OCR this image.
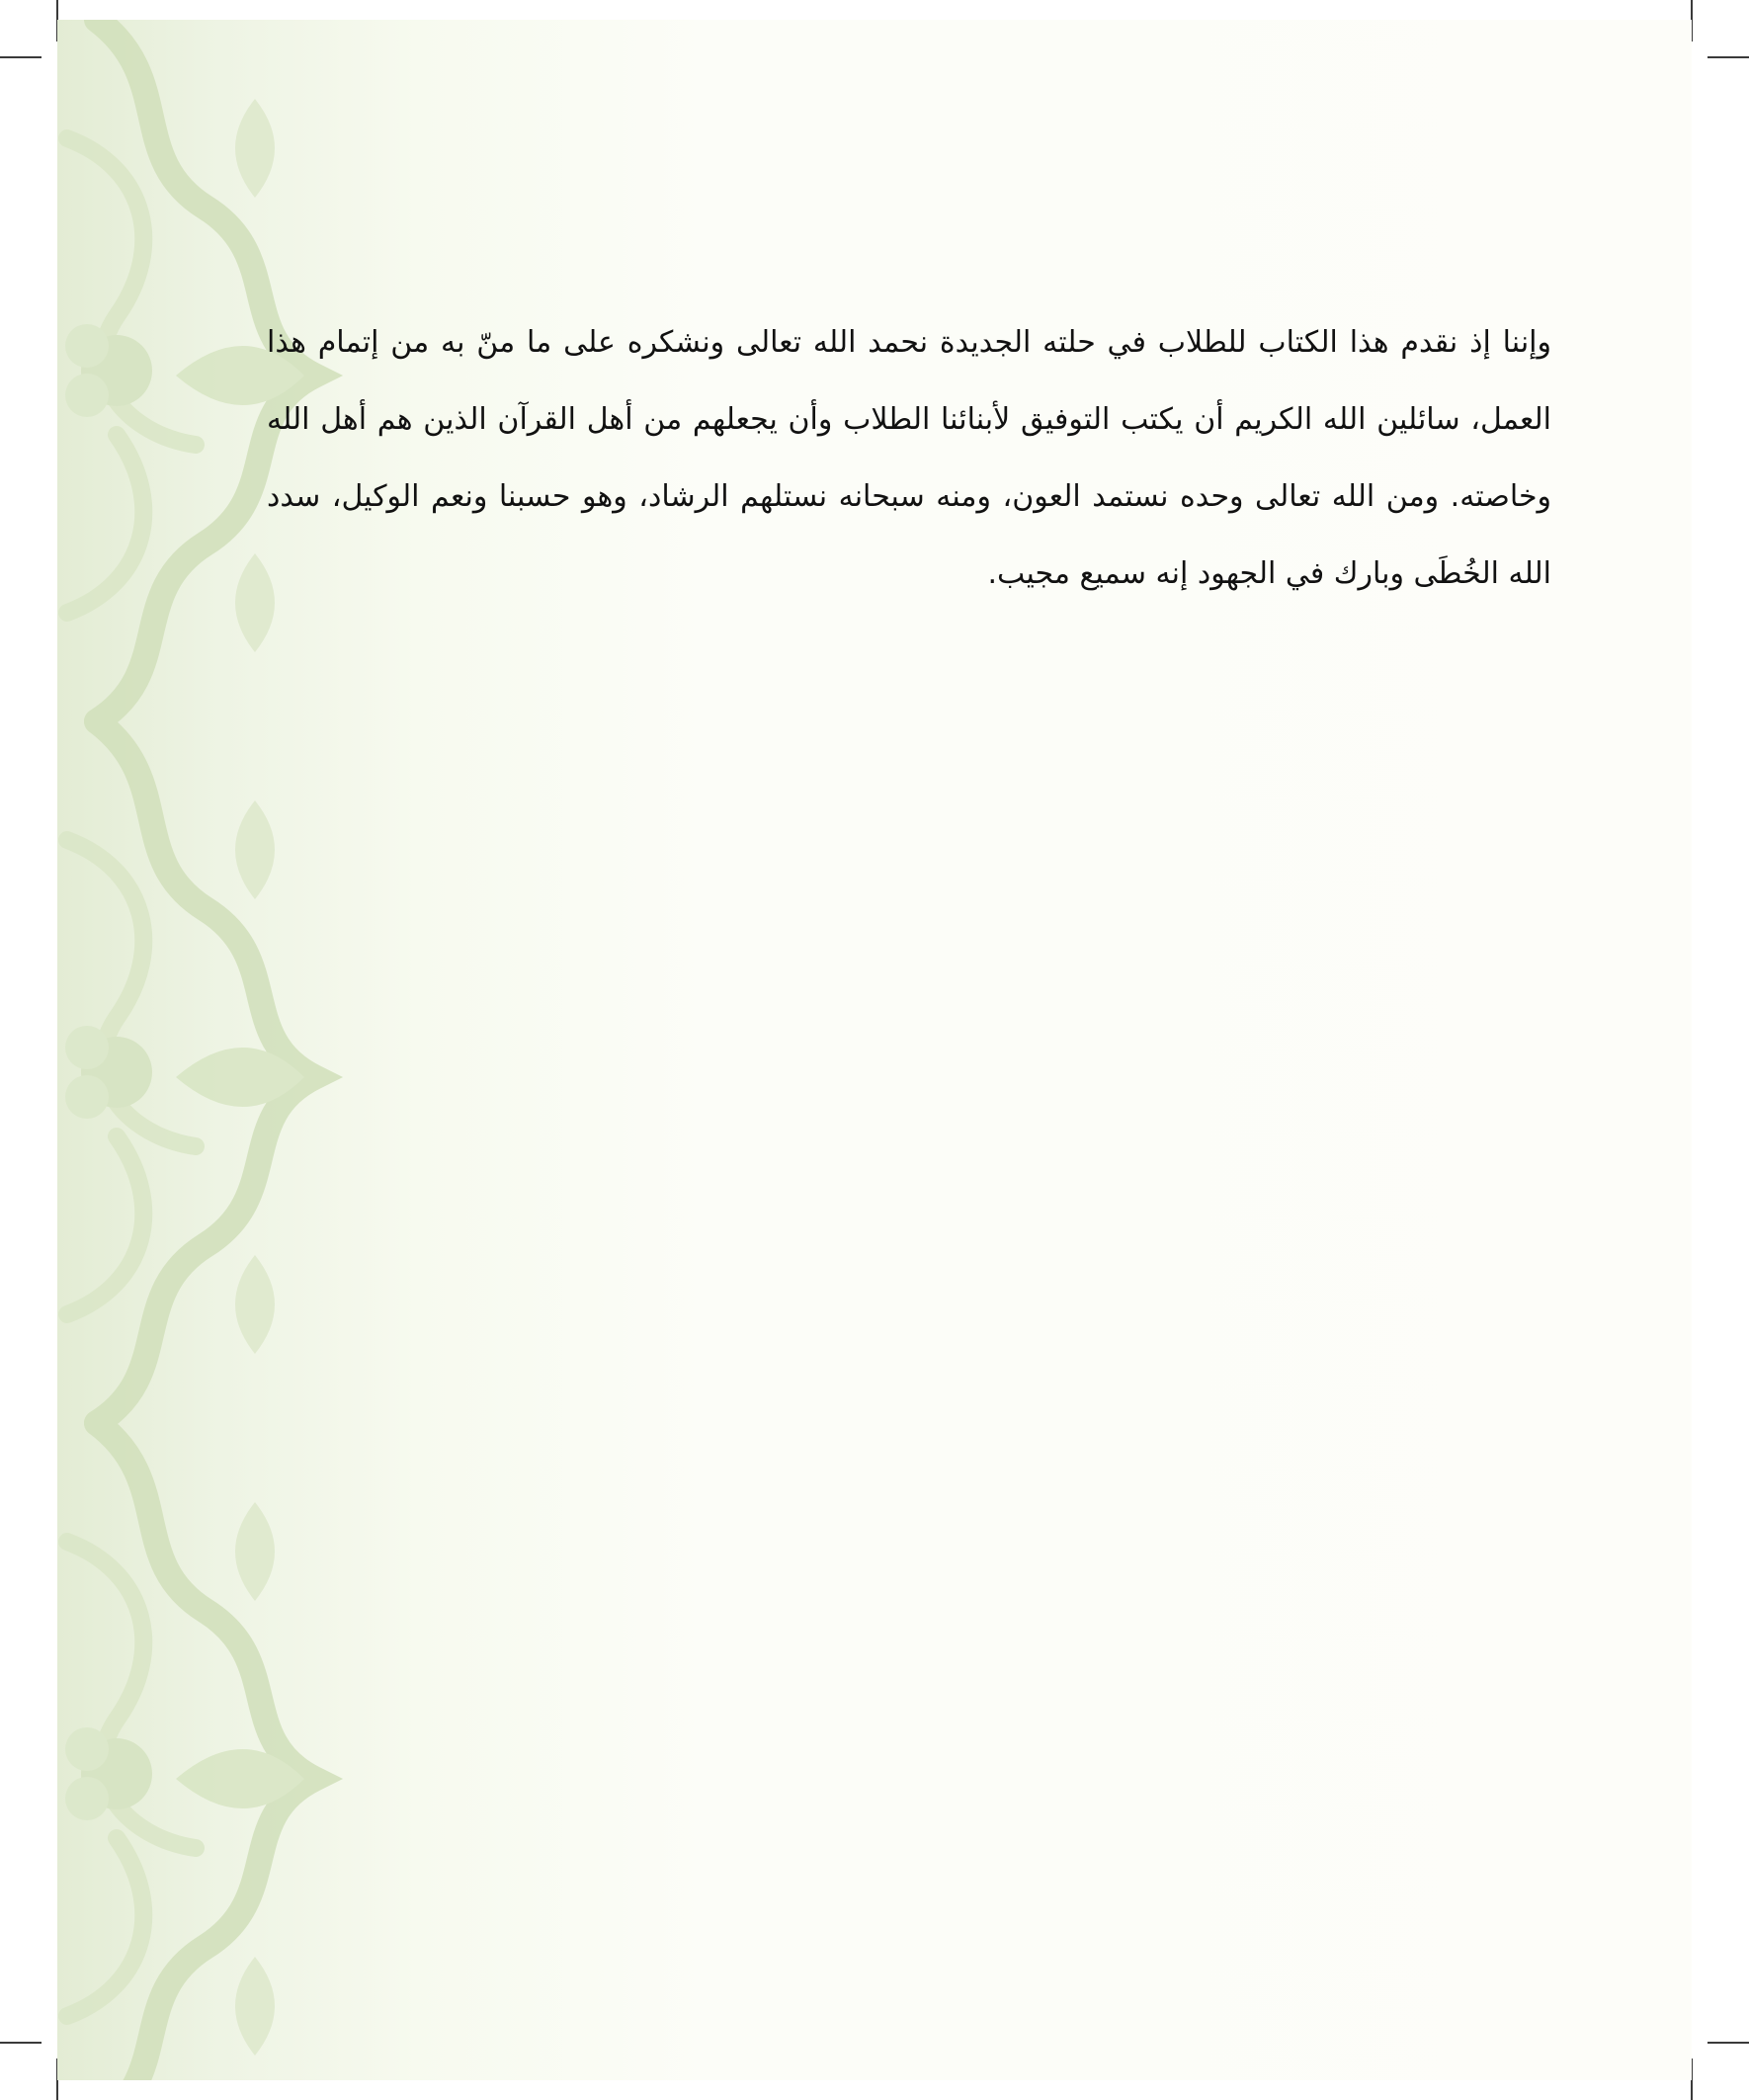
وإننا إذ نقدم هذا الكتاب للطلاب في حلته الجديدة نحمد الله تعالى ونشكره على ما منّ به من إتمام هذا العمل، سائلين الله الكريم أن يكتب التوفيق لأبنائنا الطلاب وأن يجعلهم من أهل القرآن الذين هم أهل الله وخاصته. ومن الله تعالى وحده نستمد العون، ومنه سبحانه نستلهم الرشاد، وهو حسبنا ونعم الوكيل، سدد الله الخُطَى وبارك في الجهود إنه سميع مجيب.
